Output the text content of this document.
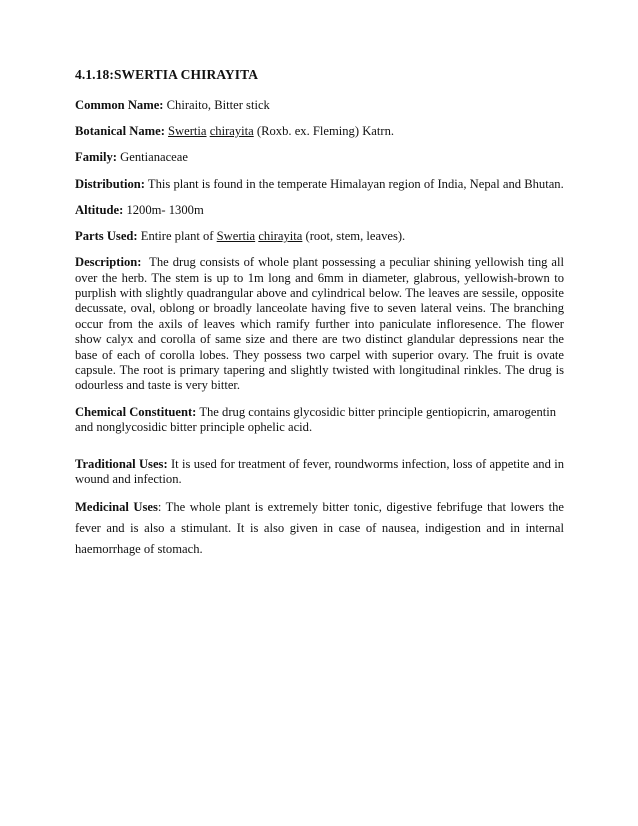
4.1.18:SWERTIA CHIRAYITA

Common Name: Chiraito, Bitter stick

Botanical Name: Swertia chirayita (Roxb. ex. Fleming) Katrn.

Family: Gentianaceae

Distribution: This plant is found in the temperate Himalayan region of India, Nepal and Bhutan.

Altitude: 1200m- 1300m

Parts Used: Entire plant of Swertia chirayita (root, stem, leaves).

Description: The drug consists of whole plant possessing a peculiar shining yellowish ting all over the herb. The stem is up to 1m long and 6mm in diameter, glabrous, yellowish-brown to purplish with slightly quadrangular above and cylindrical below. The leaves are sessile, opposite decussate, oval, oblong or broadly lanceolate having five to seven lateral veins. The branching occur from the axils of leaves which ramify further into paniculate infloresence. The flower show calyx and corolla of same size and there are two distinct glandular depressions near the base of each of corolla lobes. They possess two carpel with superior ovary. The fruit is ovate capsule. The root is primary tapering and slightly twisted with longitudinal rinkles. The drug is odourless and taste is very bitter.

Chemical Constituent: The drug contains glycosidic bitter principle gentiopicrin, amarogentin and nonglycosidic bitter principle ophelic acid.

Traditional Uses: It is used for treatment of fever, roundworms infection, loss of appetite and in wound and infection.

Medicinal Uses: The whole plant is extremely bitter tonic, digestive febrifuge that lowers the fever and is also a stimulant. It is also given in case of nausea, indigestion and in internal haemorrhage of stomach.
